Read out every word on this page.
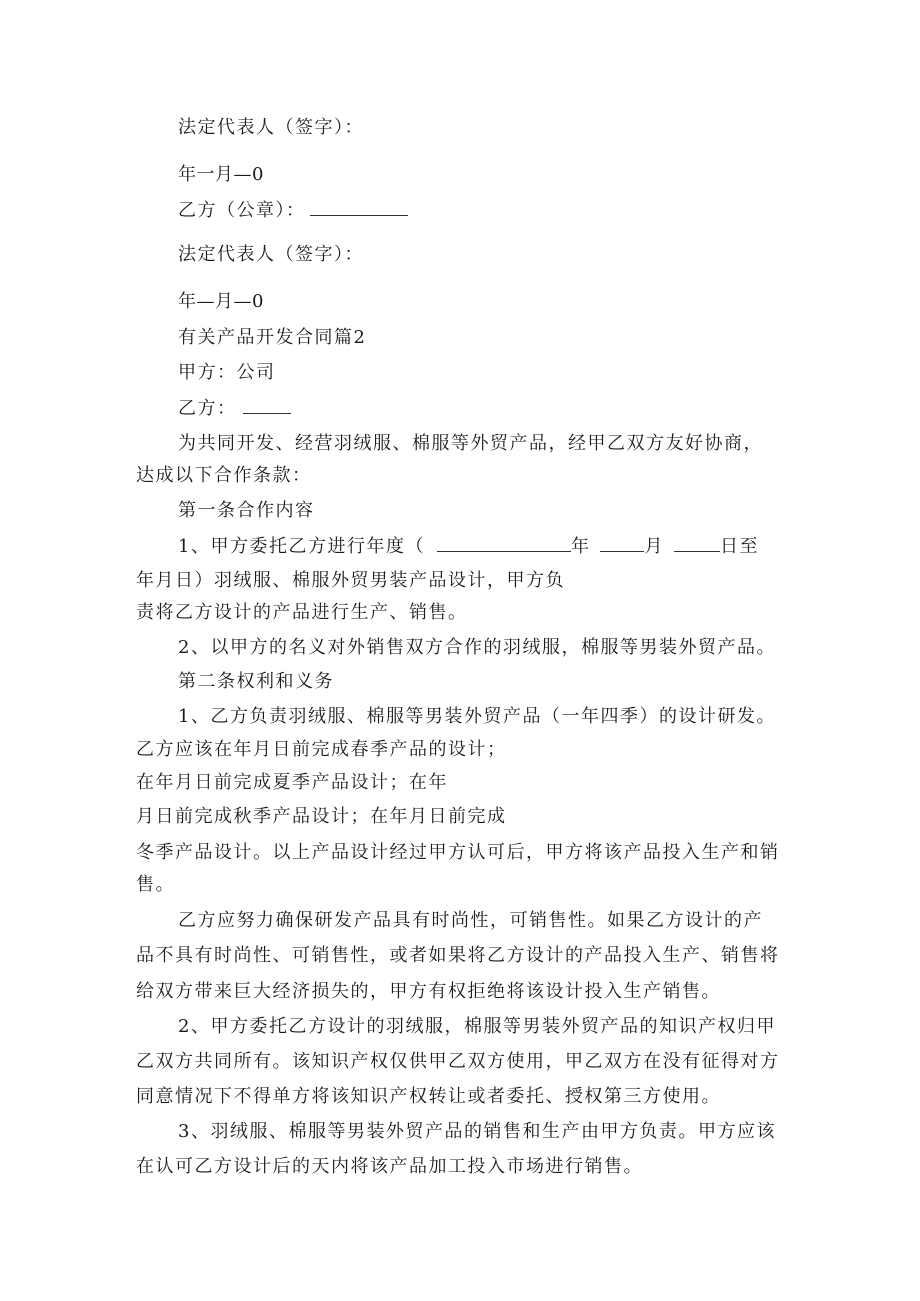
法定代表人（签字）：
年一月—0
乙方（公章）：
法定代表人（签字）：
年—月—0
有关产品开发合同篇2
甲方：公司
乙方：
为共同开发、经营羽绒服、棉服等外贸产品，经甲乙双方友好协商，
达成以下合作条款：
第一条合作内容
1、甲方委托乙方进行年度（	年	月	日至
年月日）羽绒服、棉服外贸男装产品设计，甲方负
责将乙方设计的产品进行生产、销售。
2、以甲方的名义对外销售双方合作的羽绒服，棉服等男装外贸产品。
第二条权利和义务
1、乙方负责羽绒服、棉服等男装外贸产品（一年四季）的设计研发。
乙方应该在年月日前完成春季产品的设计；
在年月日前完成夏季产品设计；在年
月日前完成秋季产品设计；在年月日前完成
冬季产品设计。以上产品设计经过甲方认可后，甲方将该产品投入生产和销
售。
乙方应努力确保研发产品具有时尚性，可销售性。如果乙方设计的产
品不具有时尚性、可销售性，或者如果将乙方设计的产品投入生产、销售将
给双方带来巨大经济损失的，甲方有权拒绝将该设计投入生产销售。
2、甲方委托乙方设计的羽绒服，棉服等男装外贸产品的知识产权归甲
乙双方共同所有。该知识产权仅供甲乙双方使用，甲乙双方在没有征得对方
同意情况下不得单方将该知识产权转让或者委托、授权第三方使用。
3、羽绒服、棉服等男装外贸产品的销售和生产由甲方负责。甲方应该
在认可乙方设计后的天内将该产品加工投入市场进行销售。
